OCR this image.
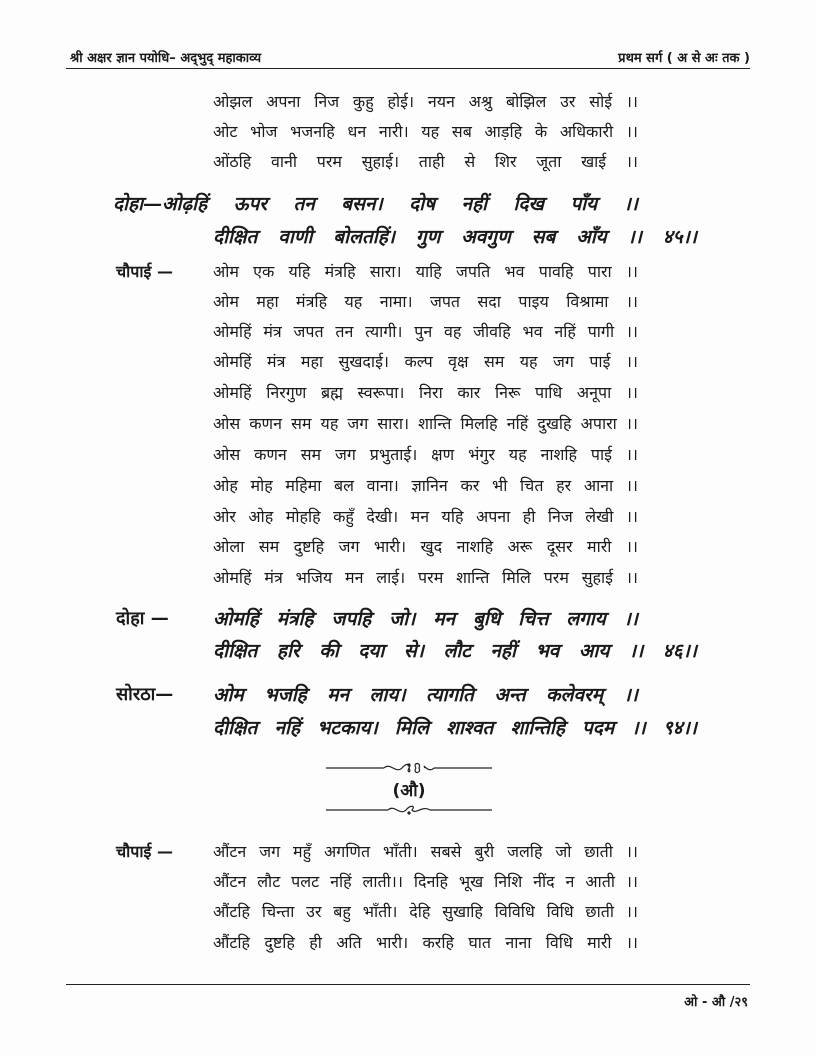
श्री अक्षर ज्ञान पयोधि– अद्‌भुद्‌ महाकाव्य	प्रथम सर्ग ( अ से अः तक )
ओझल अपना निज कुहु होई। नयन अश्रु बोझिल उर सोई ।।
ओट भोज भजनहि धन नारी। यह सब आड़हि के अधिकारी ।।
ओंठहि वानी परम सुहाई। ताही से शिर जूता खाई ।।
दोहा—ओढ़हिं ऊपर तन बसन। दोष नहीं दिख पाँय ।।
दीक्षित वाणी बोलतहिं। गुण अवगुण सब आँय ।। ४५।।
चौपाई —	ओम एक यहि मंत्रहि सारा। याहि जपति भव पावहि पारा ।।
ओम महा मंत्रहि यह नामा। जपत सदा पाइय विश्रामा ।।
ओमहिं मंत्र जपत तन त्यागी। पुन वह जीवहि भव नहिं पागी ।।
ओमहिं मंत्र महा सुखदाई। कल्प वृक्ष सम यह जग पाई ।।
ओमहिं निरगुण ब्रह्म स्वरूपा। निरा कार निरू पाधि अनूपा ।।
ओस कणन सम यह जग सारा। शान्ति मिलहि नहिं दुखहि अपारा ।।
ओस कणन सम जग प्रभुताई। क्षण भंगुर यह नाशहि पाई ।।
ओह मोह महिमा बल वाना। ज्ञानिन कर भी चित हर आना ।।
ओर ओह मोहहि कहुँ देखी। मन यहि अपना ही निज लेखी ।।
ओला सम दुष्टहि जग भारी। खुद नाशहि अरू दूसर मारी ।।
ओमहिं मंत्र भजिय मन लाई। परम शान्ति मिलि परम सुहाई ।।
दोहा — ओमहिं मंत्रहि जपहि जो। मन बुधि चित्त लगाय ।।
दीक्षित हरि की दया से। लौट नहीं भव आय ।। ४६।।
सोरठा— ओम भजहि मन लाय। त्यागति अन्त कलेवरम् ।।
दीक्षित नहिं भटकाय। मिलि शाश्वत शान्तिहि पदम ।। ९४।।
(औ)
चौपाई —	औंटन जग महुँ अगणित भाँती। सबसे बुरी जलहि जो छाती ।।
औंटन लौट पलट नहिं लाती।। दिनहि भूख निशि नींद न आती ।।
औंटहि चिन्ता उर बहु भाँती। देहि सुखाहि विविधि विधि छाती ।।
औंटहि दुष्टहि ही अति भारी। करहि घात नाना विधि मारी ।।
ओ - औ /२९
